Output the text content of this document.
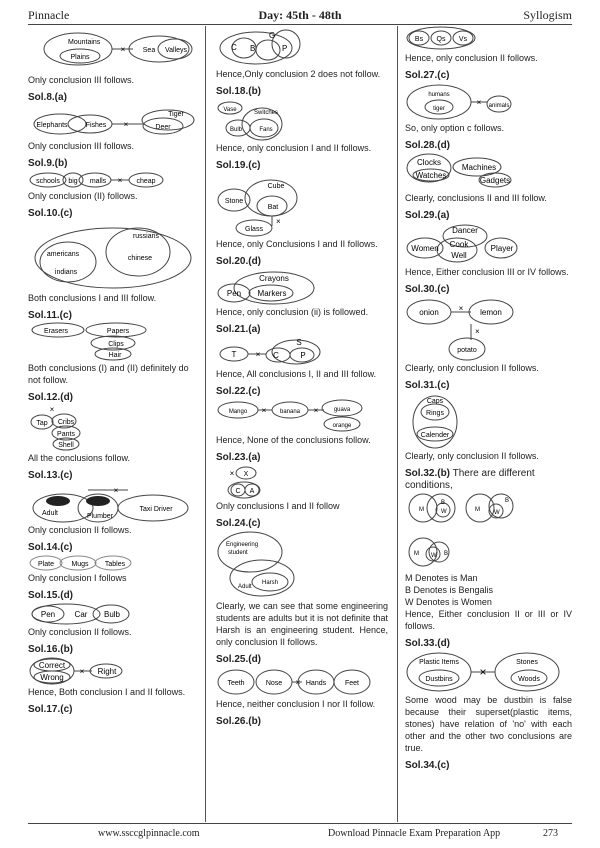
Pinnacle	Day: 45th - 48th	Syllogism
×
Mountains
Plains
Sea Valleys
Only conclusion III follows.
Sol.8.(a)
×
Elephants	Fishes
Tiger
Deer
Only conclusion III follows.
Sol.9.(b)
×
schools big malls	cheap
Only conclusion (II) follows.
Sol.10.(c)
americans
indians
russians
chinese
Both conclusions I and III follow.
Sol.11.(c)
Erasers	Papers
Clips
Hair
Both conclusions (I) and (II) definitely do not follow.
Sol.12.(d)
×
Tap Cribs
Pants
Shell
All the conclusions follow.
Sol.13.(c)
×
Adult	Plumber
Taxi Driver
Only conclusion II follows.
Sol.14.(c)
Plate Mugs Tables
Only conclusion I follows
Sol.15.(d)
Pen Car Bulb
Only conclusion II follows.
Sol.16.(b)
×
Correct
Wrong
Right
Hence, Both conclusion I and II follows.
Sol.17.(c)
C B
G
P
Hence,Only conclusion 2 does not follow.
Sol.18.(b)
Vase	Switches
Bulb	Fans
Hence, only conclusion I and II follows.
Sol.19.(c)
×
Stone
Cube
Bat
Glass
Hence, only Conclusions I and II follows.
Sol.20.(d)
Crayons
Pen Markers
Hence, only conclusion (ii) is followed.
Sol.21.(a)
×
T	C
S
P
Hence, All conclusions I, II and III follow.
Sol.22.(c)
×	×
Mango	banana	guava
orange
Hence, None of the conclusions follow.
Sol.23.(a)
× X
C A
Only conclusions I and II follow
Sol.24.(c)
Engineering
student
Adult
Harsh
Clearly, we can see that some engineering students are adults but it is not definite that Harsh is an engineering student. Hence, only conclusion II follows.
Sol.25.(d)
×
Teeth	Nose	Hands	Feet
Hence, neither conclusion I nor II follow.
Sol.26.(b)
Bs Qs Vs
Hence, only conclusion II follows.
Sol.27.(c)
×
humans
tiger	animals
So, only option c follows.
Sol.28.(d)
Clocks
Watches
Machines
Gadgets
Clearly, conclusions II and III follow.
Sol.29.(a)
Dancer
Women Cook
Well
Player
Hence, Either conclusion III or IV follows.
Sol.30.(c)
×
×
onion	lemon
potato
Clearly, only conclusion II follows.
Sol.31.(c)
Caps
Rings
Calender
Clearly, only conclusion II follows.
Sol.32.(b) There are different conditions,
M
B
W	M
B
W
M	B
W
M Denotes is Man
B Denotes is Bengalis
W Denotes is Women
Hence, Either conclusion II or III or IV follows.
Sol.33.(d)
×
Plastic Items
Dustbins
Stones
Woods
Some wood may be dustbin is false because their superset(plastic items, stones) have relation of 'no' with each other and the other two conclusions are true.
Sol.34.(c)
www.ssccglpinnacle.com	Download Pinnacle Exam Preparation App	273
